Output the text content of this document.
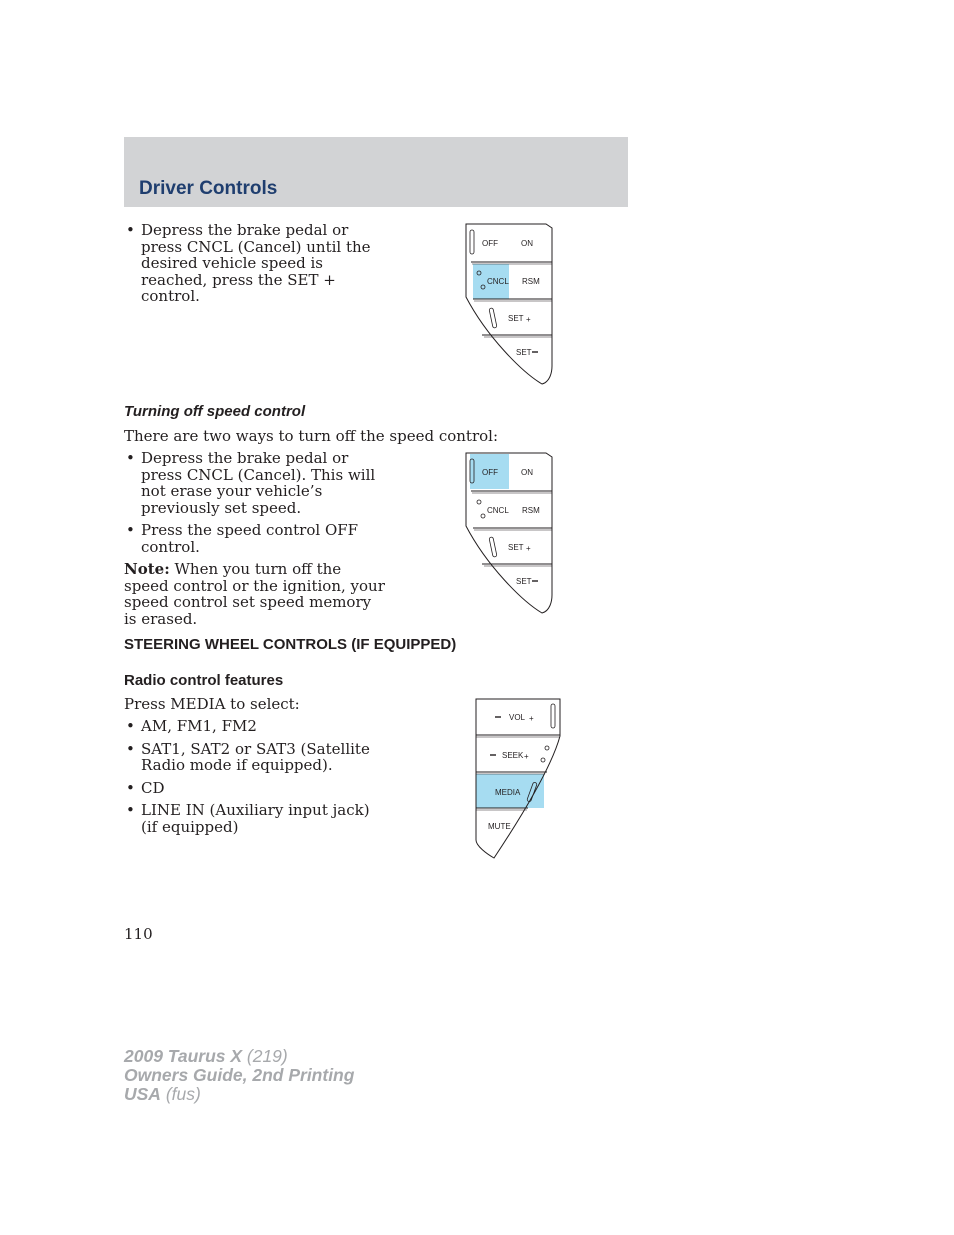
Driver Controls
• Depress the brake pedal or press CNCL (Cancel) until the desired vehicle speed is reached, press the SET + control.
OFF	ON
CNCL RSM
SET +
SET
Turning off speed control

There are two ways to turn off the speed control:

• Depress the brake pedal or press CNCL (Cancel). This will not erase your vehicle’s previously set speed.
• Press the speed control OFF control.

Note: When you turn off the speed control or the ignition, your speed control set speed memory is erased.

OFF	ON
CNCL RSM
SET +
SET
STEERING WHEEL CONTROLS (IF EQUIPPED)
Radio control features

Press MEDIA to select:

• AM, FM1, FM2
• SAT1, SAT2 or SAT3 (Satellite Radio mode if equipped).
• CD
• LINE IN (Auxiliary input jack) (if equipped)
VOL +
SEEK +
MEDIA
MUTE

110

2009 Taurus X (219)
Owners Guide, 2nd Printing
USA (fus)
